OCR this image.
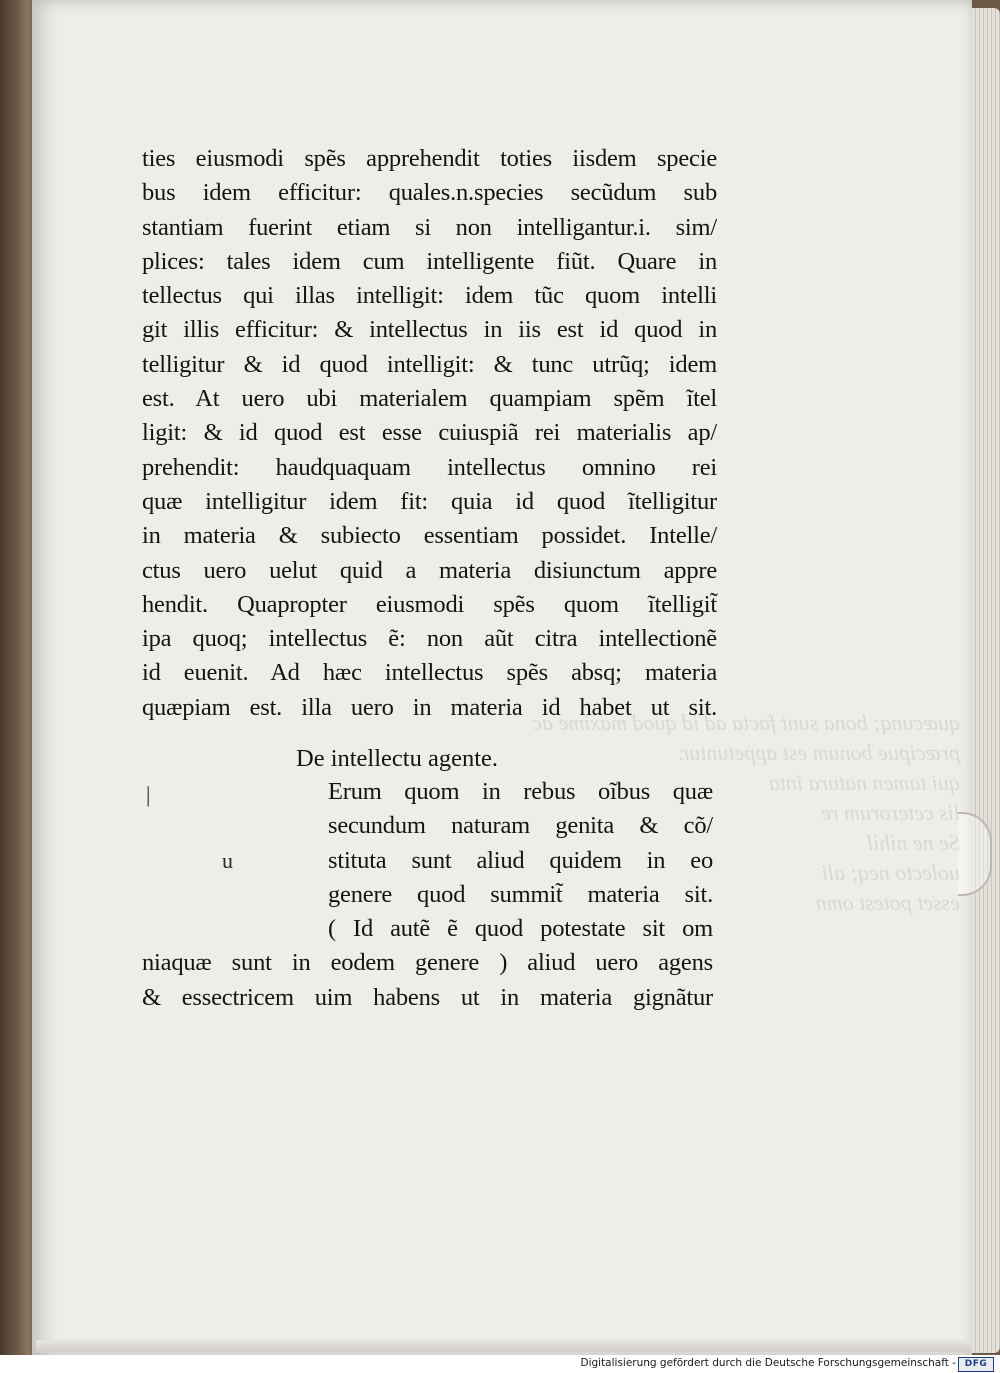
quæcunq; bona sunt facta ad id quod maxime ac
præcipue bonum est appetuntur.
qui tamen natura inta
lis ceterorum re
Se ne nihil
uolecto neq; ali
esset potest omn
ties eiusmodi spẽs apprehendit toties iisdem specie
bus idem efficitur: quales.n.species secũdum sub
stantiam fuerint etiam si non intelligantur.i. sim/
plices: tales idem cum intelligente fiũt. Quare in
tellectus qui illas intelligit: idem tũc quom intelli
git illis efficitur: & intellectus in iis est id quod in
telligitur & id quod intelligit: & tunc utrũq; idem
est. At uero ubi materialem quampiam spẽm ĩtel
ligit: & id quod est esse cuiuspiã rei materialis ap/
prehendit: haudquaquam intellectus omnino rei
quæ intelligitur idem fit: quia id quod ĩtelligitur
in materia & subiecto essentiam possidet. Intelle/
ctus uero uelut quid a materia disiunctum appre
hendit. Quapropter eiusmodi spẽs quom ĩtelligit̃
ipa quoq; intellectus ẽ: non aũt citra intellectionẽ
id euenit. Ad hæc intellectus spẽs absq; materia
quæpiam est. illa uero in materia id habet ut sit.
De intellectu agente.
|
u
Erum quom in rebus oĩbus quæ
secundum naturam genita & cõ/
stituta sunt aliud quidem in eo
genere quod summit̃ materia sit.
( Id autẽ ẽ quod potestate sit om
niaquæ sunt in eodem genere ) aliud uero agens
& essectricem uim habens ut in materia gignãtur
Digitalisierung gefördert durch die Deutsche Forschungsgemeinschaft - DFG
